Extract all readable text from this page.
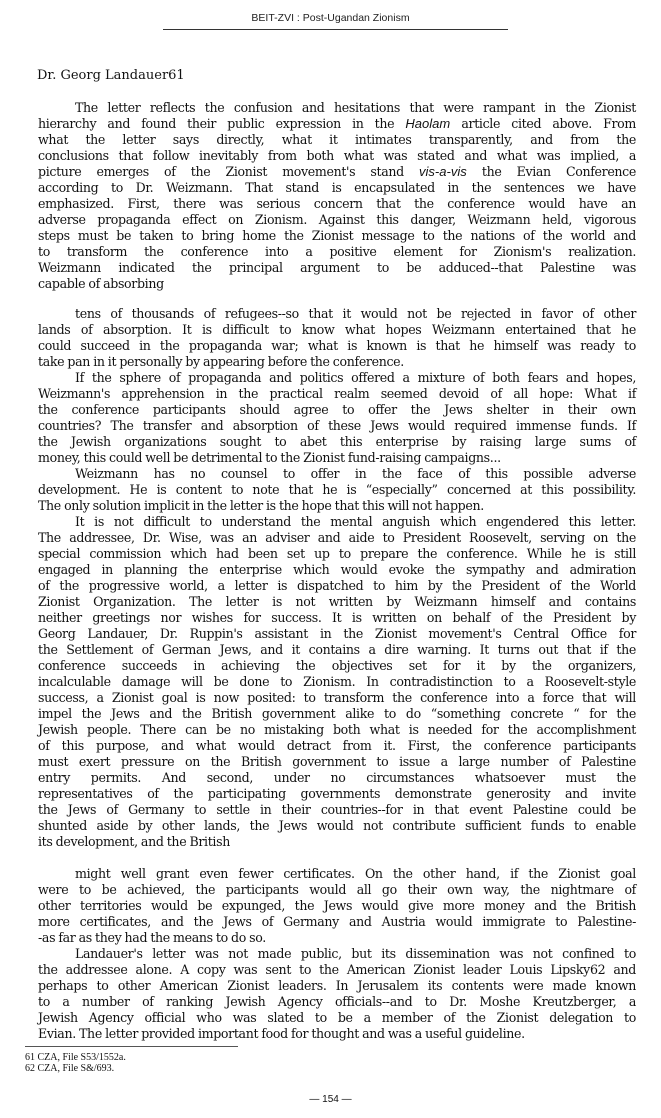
BEIT-ZVI : Post-Ugandan Zionism
Dr. Georg Landauer61
The letter reflects the confusion and hesitations that were rampant in the Zionist
hierarchy and found their public expression in the Haolam article cited above. From
what the letter says directly, what it intimates transparently, and from the
conclusions that follow inevitably from both what was stated and what was implied, a
picture emerges of the Zionist movement's stand vis-a-vis the Evian Conference
according to Dr. Weizmann. That stand is encapsulated in the sentences we have
emphasized. First, there was serious concern that the conference would have an
adverse propaganda effect on Zionism. Against this danger, Weizmann held, vigorous
steps must be taken to bring home the Zionist message to the nations of the world and
to transform the conference into a positive element for Zionism's realization.
Weizmann indicated the principal argument to be adduced--that Palestine was
capable of absorbing
tens of thousands of refugees--so that it would not be rejected in favor of other
lands of absorption. It is difficult to know what hopes Weizmann entertained that he
could succeed in the propaganda war; what is known is that he himself was ready to
take pan in it personally by appearing before the conference.
If the sphere of propaganda and politics offered a mixture of both fears and hopes,
Weizmann's apprehension in the practical realm seemed devoid of all hope: What if
the conference participants should agree to offer the Jews shelter in their own
countries? The transfer and absorption of these Jews would required immense funds. If
the Jewish organizations sought to abet this enterprise by raising large sums of
money, this could well be detrimental to the Zionist fund-raising campaigns...
Weizmann has no counsel to offer in the face of this possible adverse
development. He is content to note that he is “especially” concerned at this possibility.
The only solution implicit in the letter is the hope that this will not happen.
It is not difficult to understand the mental anguish which engendered this letter.
The addressee, Dr. Wise, was an adviser and aide to President Roosevelt, serving on the
special commission which had been set up to prepare the conference. While he is still
engaged in planning the enterprise which would evoke the sympathy and admiration
of the progressive world, a letter is dispatched to him by the President of the World
Zionist Organization. The letter is not written by Weizmann himself and contains
neither greetings nor wishes for success. It is written on behalf of the President by
Georg Landauer, Dr. Ruppin's assistant in the Zionist movement's Central Office for
the Settlement of German Jews, and it contains a dire warning. It turns out that if the
conference succeeds in achieving the objectives set for it by the organizers,
incalculable damage will be done to Zionism. In contradistinction to a Roosevelt-style
success, a Zionist goal is now posited: to transform the conference into a force that will
impel the Jews and the British government alike to do “something concrete “ for the
Jewish people. There can be no mistaking both what is needed for the accomplishment
of this purpose, and what would detract from it. First, the conference participants
must exert pressure on the British government to issue a large number of Palestine
entry permits. And second, under no circumstances whatsoever must the
representatives of the participating governments demonstrate generosity and invite
the Jews of Germany to settle in their countries--for in that event Palestine could be
shunted aside by other lands, the Jews would not contribute sufficient funds to enable
its development, and the British
might well grant even fewer certificates. On the other hand, if the Zionist goal
were to be achieved, the participants would all go their own way, the nightmare of
other territories would be expunged, the Jews would give more money and the British
more certificates, and the Jews of Germany and Austria would immigrate to Palestine-
-as far as they had the means to do so.
Landauer's letter was not made public, but its dissemination was not confined to
the addressee alone. A copy was sent to the American Zionist leader Louis Lipsky62 and
perhaps to other American Zionist leaders. In Jerusalem its contents were made known
to a number of ranking Jewish Agency officials--and to Dr. Moshe Kreutzberger, a
Jewish Agency official who was slated to be a member of the Zionist delegation to
Evian. The letter provided important food for thought and was a useful guideline.
61 CZA, File S53/1552a.
62 CZA, File S&/693.
— 154 —
